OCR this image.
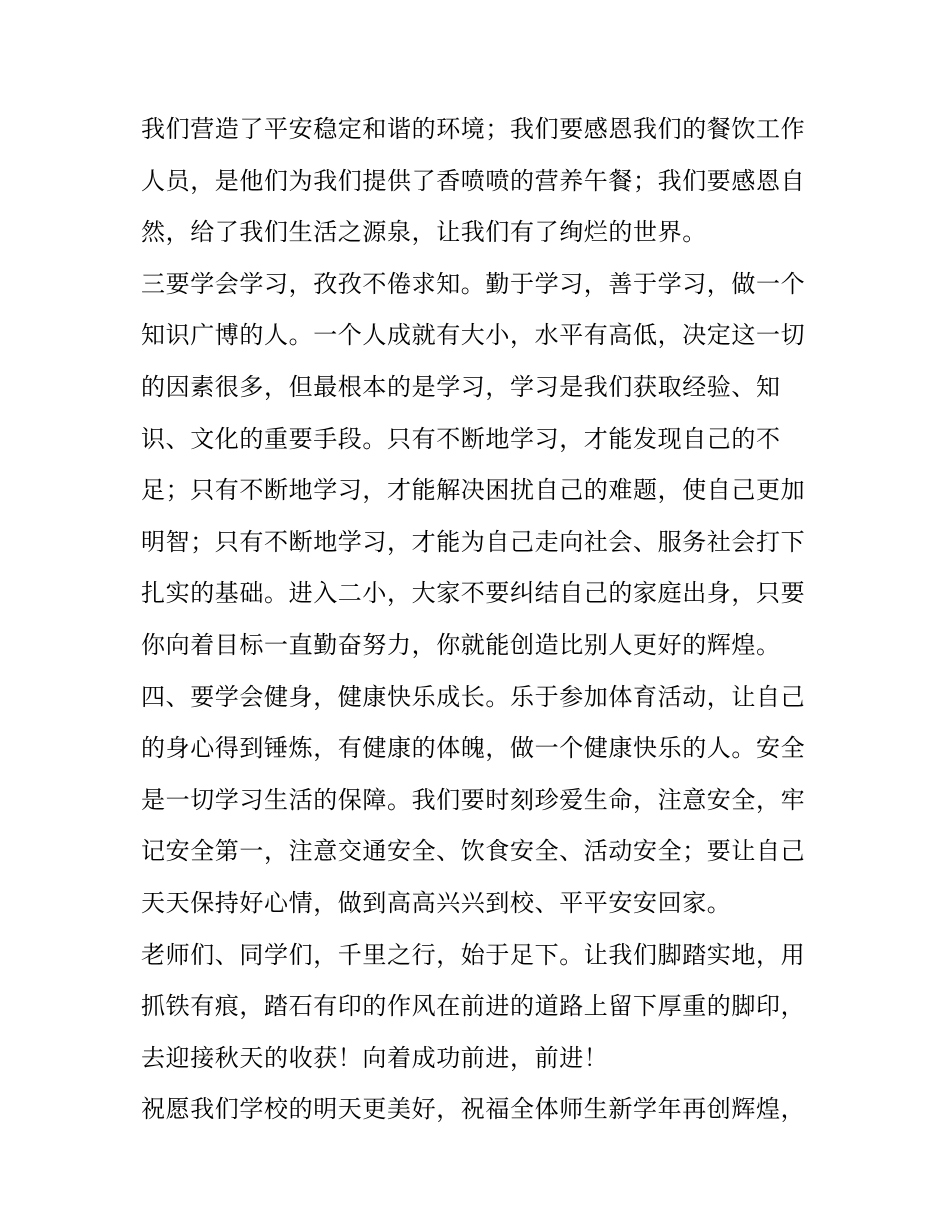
我们营造了平安稳定和谐的环境；我们要感恩我们的餐饮工作
人员，是他们为我们提供了香喷喷的营养午餐；我们要感恩自
然，给了我们生活之源泉，让我们有了绚烂的世界。
三要学会学习，孜孜不倦求知。勤于学习，善于学习，做一个
知识广博的人。一个人成就有大小，水平有高低，决定这一切
的因素很多，但最根本的是学习，学习是我们获取经验、知
识、文化的重要手段。只有不断地学习，才能发现自己的不
足；只有不断地学习，才能解决困扰自己的难题，使自己更加
明智；只有不断地学习，才能为自己走向社会、服务社会打下
扎实的基础。进入二小，大家不要纠结自己的家庭出身，只要
你向着目标一直勤奋努力，你就能创造比别人更好的辉煌。
四、要学会健身，健康快乐成长。乐于参加体育活动，让自己
的身心得到锤炼，有健康的体魄，做一个健康快乐的人。安全
是一切学习生活的保障。我们要时刻珍爱生命，注意安全，牢
记安全第一，注意交通安全、饮食安全、活动安全；要让自己
天天保持好心情，做到高高兴兴到校、平平安安回家。
老师们、同学们，千里之行，始于足下。让我们脚踏实地，用
抓铁有痕，踏石有印的作风在前进的道路上留下厚重的脚印，
去迎接秋天的收获！向着成功前进，前进！
祝愿我们学校的明天更美好，祝福全体师生新学年再创辉煌，
